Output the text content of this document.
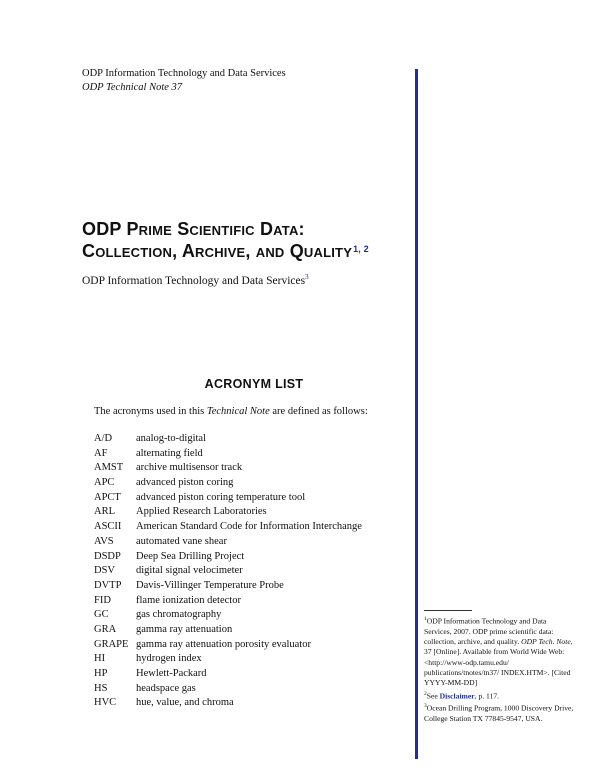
ODP Information Technology and Data Services
ODP Technical Note 37
ODP Prime Scientific Data:
Collection, Archive, and Quality$^{1, 2}$
ODP Information Technology and Data Services$^3$
ACRONYM LIST
The acronyms used in this Technical Note are defined as follows:
A/D	analog-to-digital
AF	alternating field
AMST	archive multisensor track
APC	advanced piston coring
APCT	advanced piston coring temperature tool
ARL	Applied Research Laboratories
ASCII	American Standard Code for Information Interchange
AVS	automated vane shear
DSDP	Deep Sea Drilling Project
DSV	digital signal velocimeter
DVTP	Davis-Villinger Temperature Probe
FID	flame ionization detector
GC	gas chromatography
GRA	gamma ray attenuation
GRAPE gamma ray attenuation porosity evaluator
HI	hydrogen index
HP	Hewlett-Packard
HS	headspace gas
HVC	hue, value, and chroma

$^1$ODP Information Technology and Data Services, 2007. ODP prime scientific data: collection, archive, and quality. ODP Tech. Note, 37 [Online]. Available from World Wide Web: <http://www-odp.tamu.edu/ publications/tnotes/tn37/ INDEX.HTM>. [Cited YYYY-MM-DD]

$^2$See Disclaimer, p. 117.

$^3$Ocean Drilling Program, 1000 Discovery Drive, College Station TX 77845-9547, USA.
